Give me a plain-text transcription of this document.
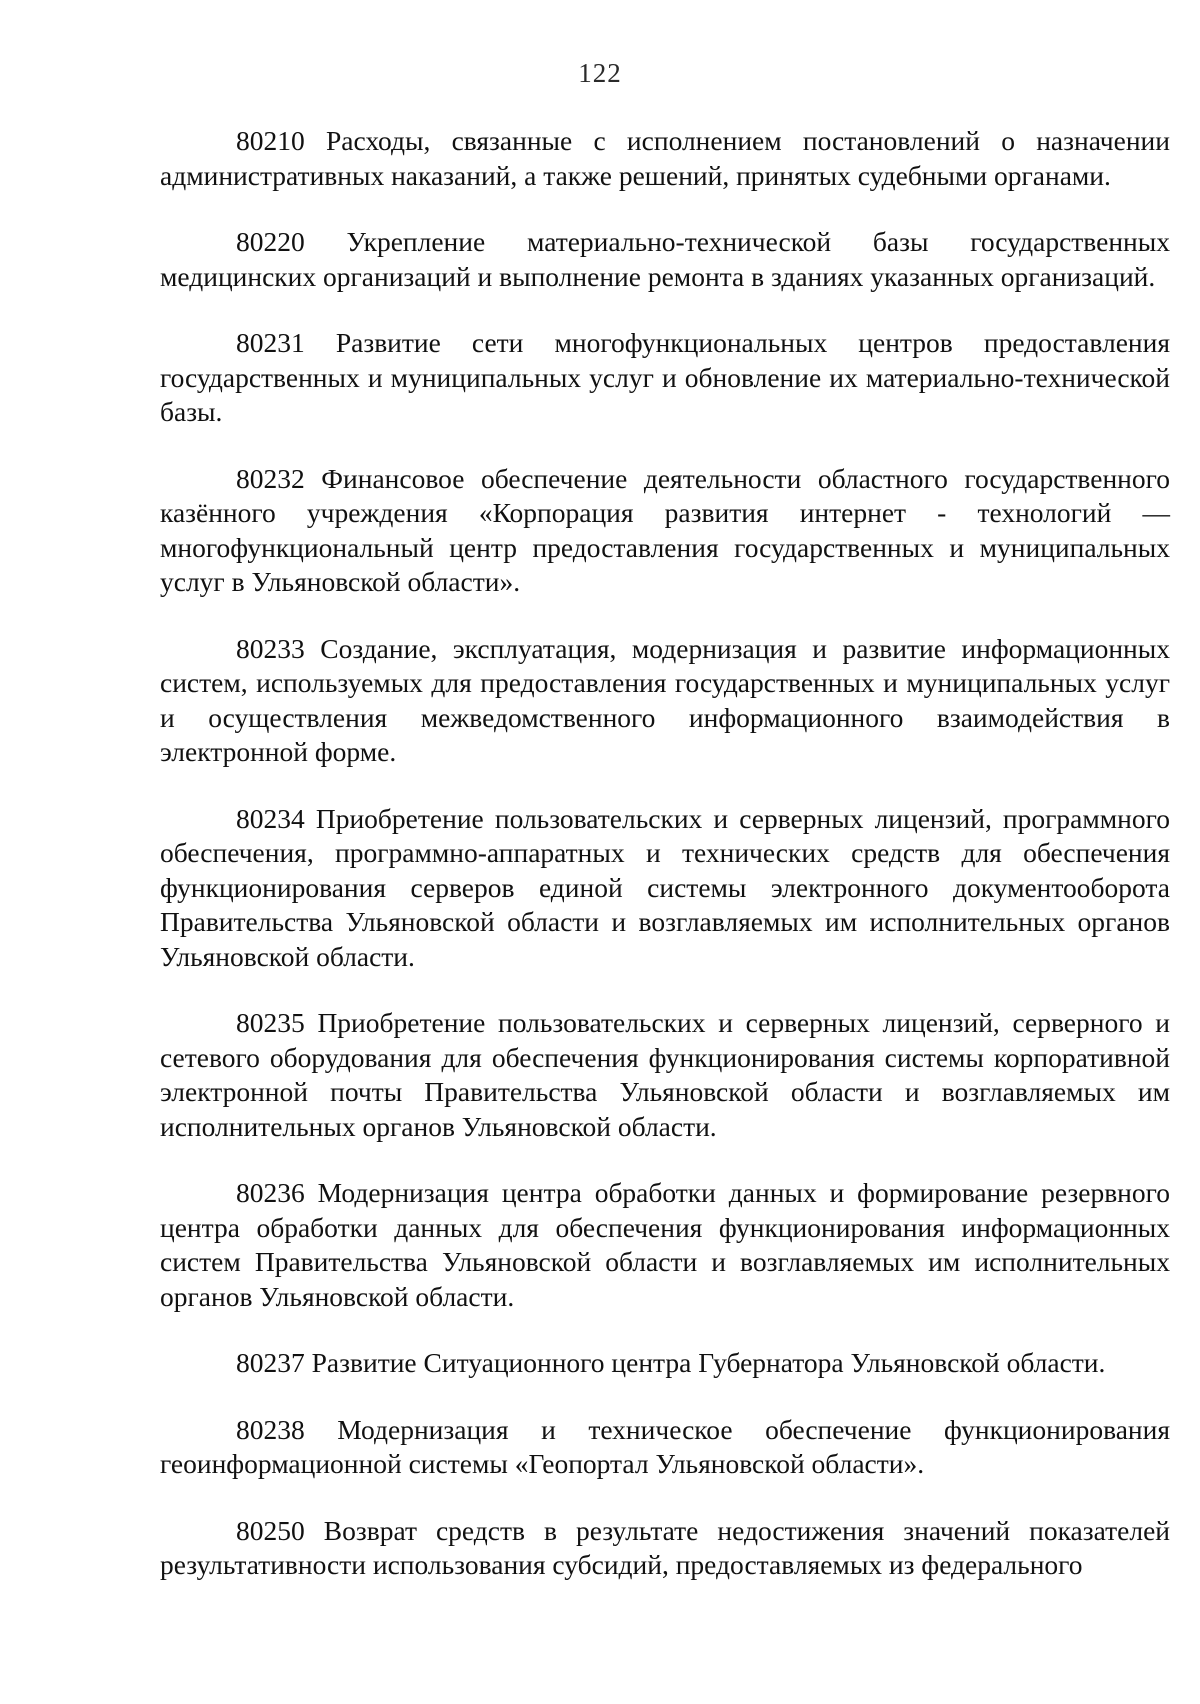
122

80210 Расходы, связанные с исполнением постановлений о назначении административных наказаний, а также решений, принятых судебными органами.

80220 Укрепление материально-технической базы государственных медицинских организаций и выполнение ремонта в зданиях указанных организаций.

80231 Развитие сети многофункциональных центров предоставления государственных и муниципальных услуг и обновление их материально-технической базы.

80232 Финансовое обеспечение деятельности областного государственного казённого учреждения «Корпорация развития интернет - технологий — многофункциональный центр предоставления государственных и муниципальных услуг в Ульяновской области».

80233 Создание, эксплуатация, модернизация и развитие информационных систем, используемых для предоставления государственных и муниципальных услуг и осуществления межведомственного информационного взаимодействия в электронной форме.

80234 Приобретение пользовательских и серверных лицензий, программного обеспечения, программно-аппаратных и технических средств для обеспечения функционирования серверов единой системы электронного документооборота Правительства Ульяновской области и возглавляемых им исполнительных органов Ульяновской области.

80235 Приобретение пользовательских и серверных лицензий, серверного и сетевого оборудования для обеспечения функционирования системы корпоративной электронной почты Правительства Ульяновской области и возглавляемых им исполнительных органов Ульяновской области.

80236 Модернизация центра обработки данных и формирование резервного центра обработки данных для обеспечения функционирования информационных систем Правительства Ульяновской области и возглавляемых им исполнительных органов Ульяновской области.

80237 Развитие Ситуационного центра Губернатора Ульяновской области.

80238 Модернизация и техническое обеспечение функционирования геоинформационной системы «Геопортал Ульяновской области».

80250 Возврат средств в результате недостижения значений показателей результативности использования субсидий, предоставляемых из федерального
